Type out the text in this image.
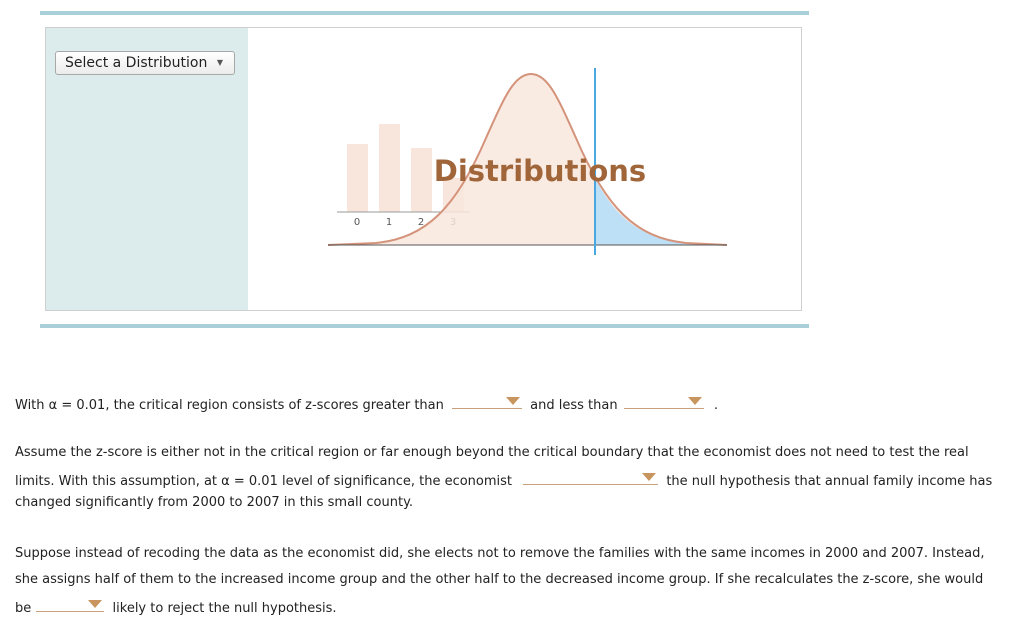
Select a Distribution ▼
0	1	2
Distributions
With α = 0.01, the critical region consists of z-scores greater than	and less than	.
Assume the z-score is either not in the critical region or far enough beyond the critical boundary that the economist does not need to test the real
limits. With this assumption, at α = 0.01 level of significance, the economist	the null hypothesis that annual family income has
changed significantly from 2000 to 2007 in this small county.
Suppose instead of recoding the data as the economist did, she elects not to remove the families with the same incomes in 2000 and 2007. Instead,
she assigns half of them to the increased income group and the other half to the decreased income group. If she recalculates the z-score, she would
be	likely to reject the null hypothesis.
